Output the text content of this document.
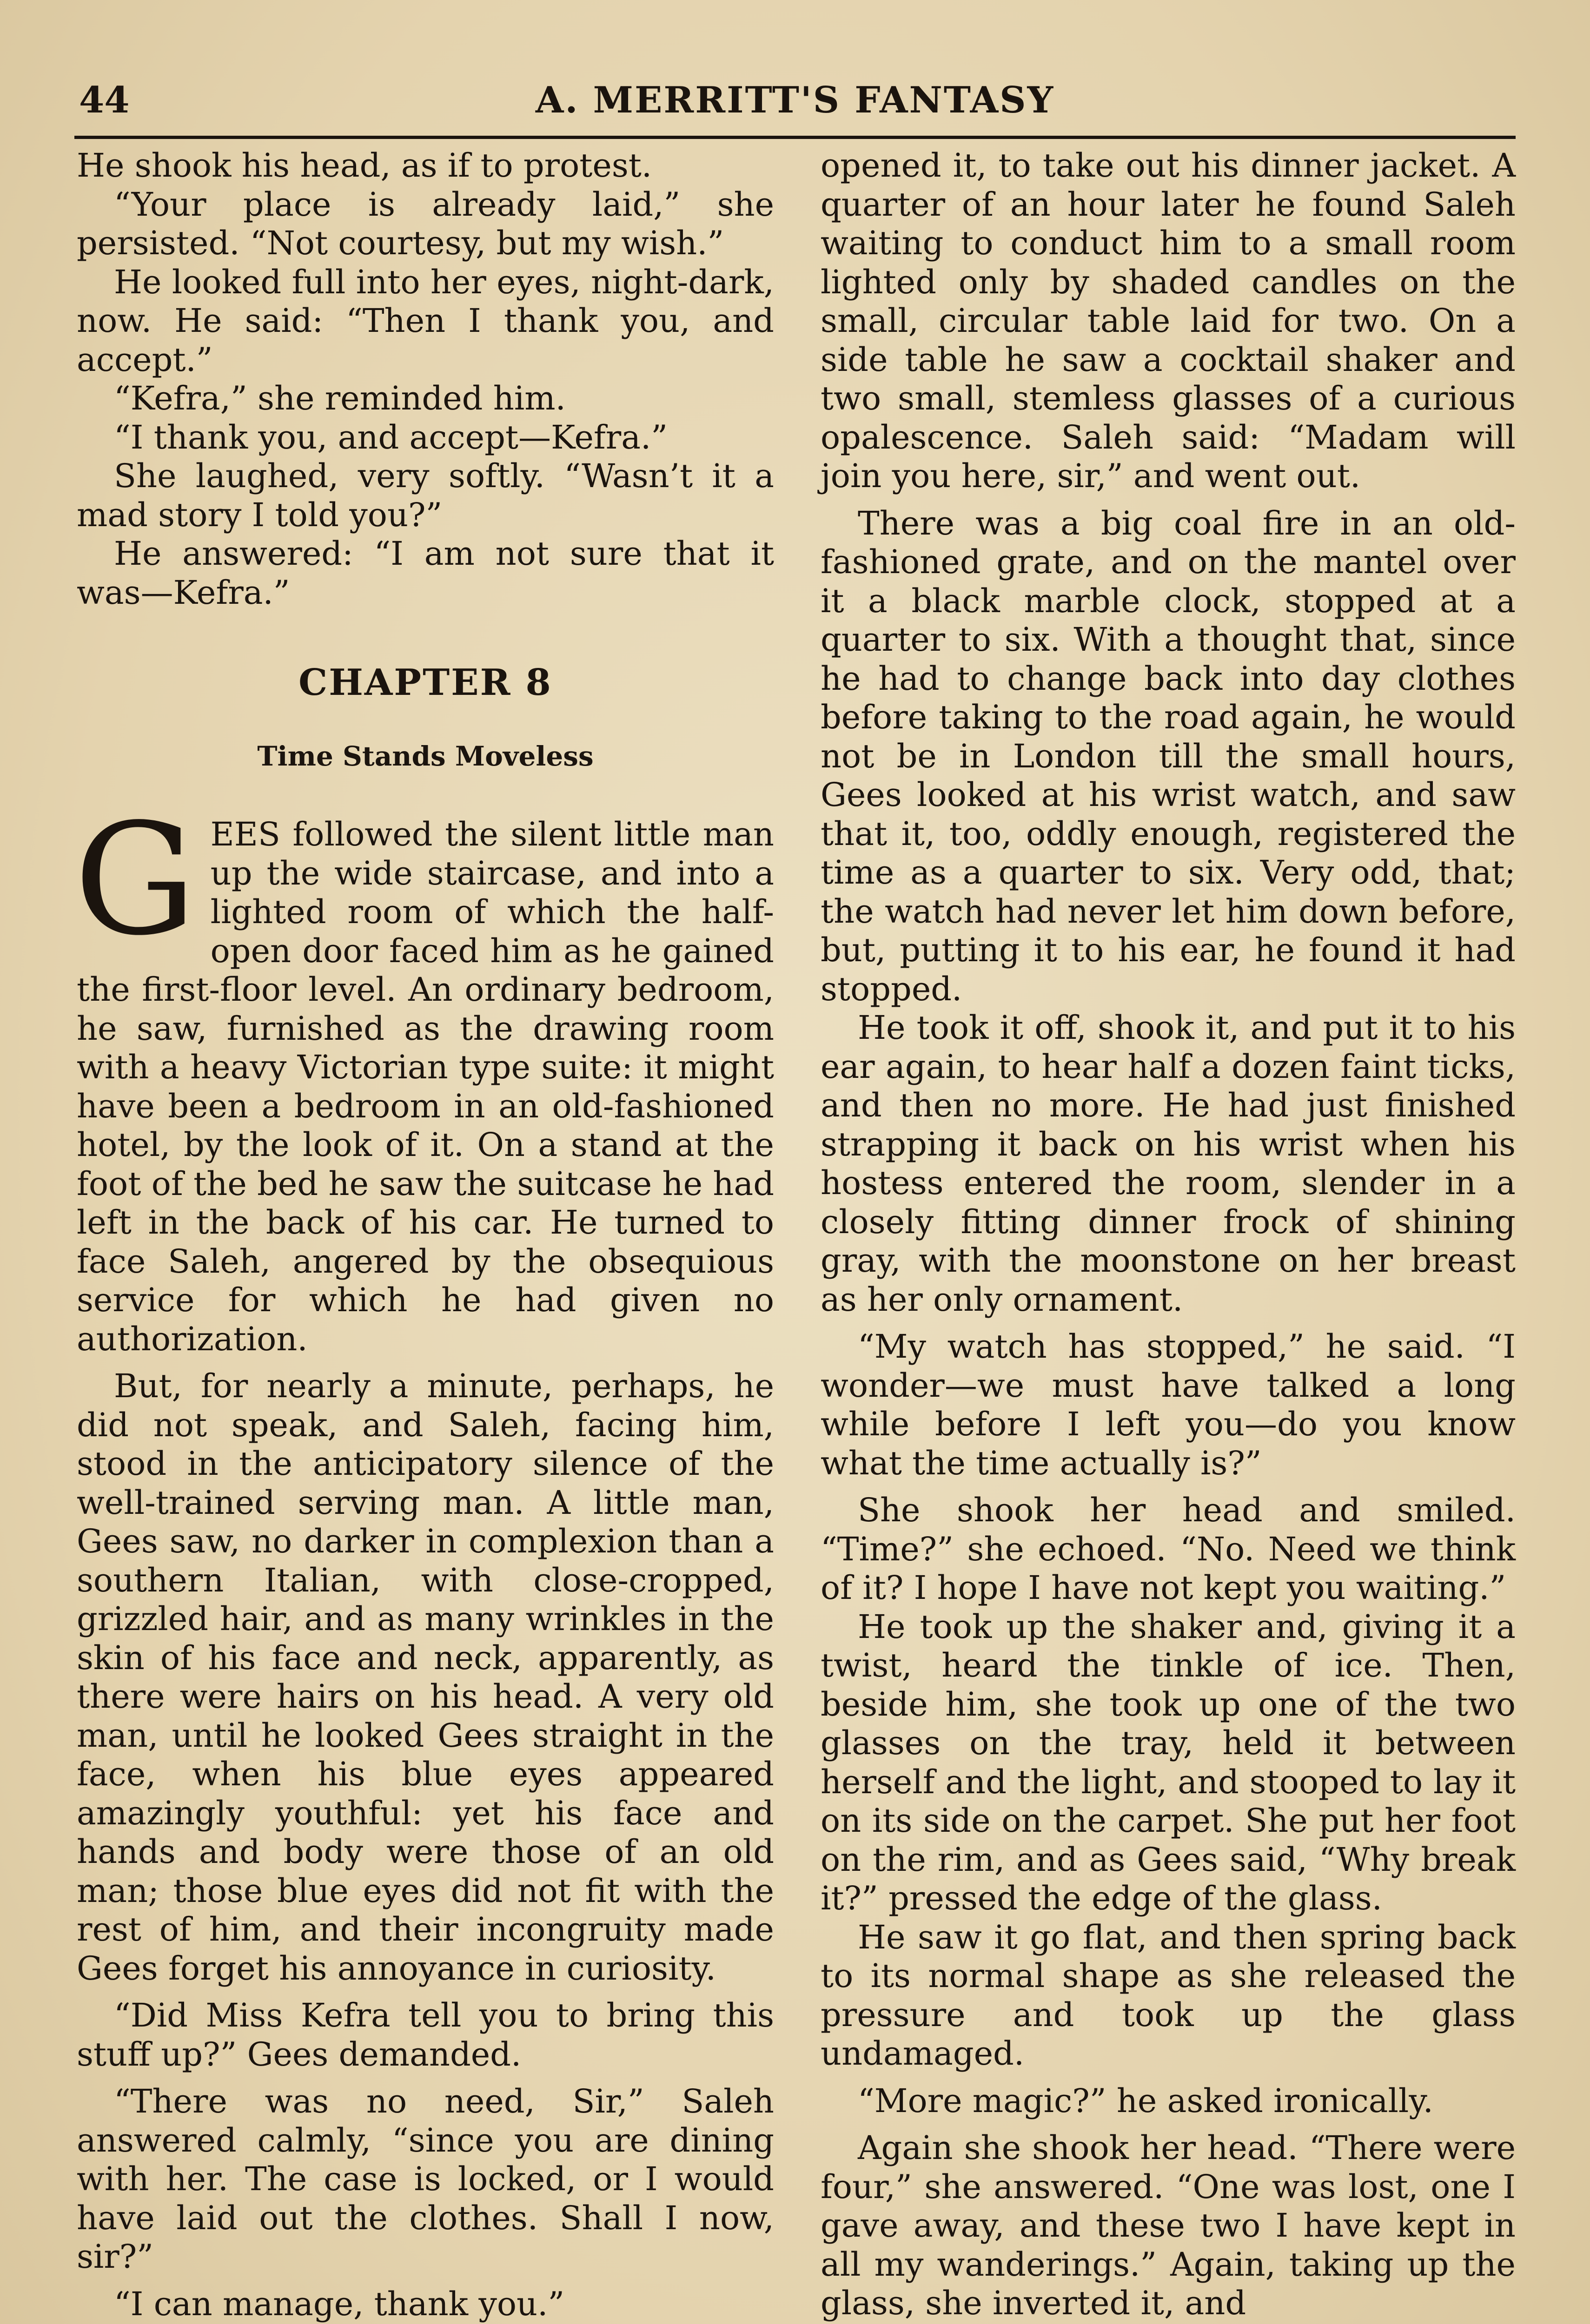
44	A. MERRITT'S FANTASY

He shook his head, as if to protest.

“Your place is already laid,” she persisted. “Not courtesy, but my wish.”

He looked full into her eyes, night-dark, now. He said: “Then I thank you, and accept.”

“Kefra,” she reminded him.

“I thank you, and accept—Kefra.”

She laughed, very softly. “Wasn’t it a mad story I told you?”

He answered: “I am not sure that it was—Kefra.”

CHAPTER 8
Time Stands Moveless

GEES followed the silent little man up the wide staircase, and into a lighted room of which the half-open door faced him as he gained the first-floor level. An ordinary bedroom, he saw, furnished as the drawing room with a heavy Victorian type suite: it might have been a bedroom in an old-fashioned hotel, by the look of it. On a stand at the foot of the bed he saw the suitcase he had left in the back of his car. He turned to face Saleh, angered by the obsequious service for which he had given no authorization.

But, for nearly a minute, perhaps, he did not speak, and Saleh, facing him, stood in the anticipatory silence of the well-trained serving man. A little man, Gees saw, no darker in complexion than a southern Italian, with close-cropped, grizzled hair, and as many wrinkles in the skin of his face and neck, apparently, as there were hairs on his head. A very old man, until he looked Gees straight in the face, when his blue eyes appeared amazingly youthful: yet his face and hands and body were those of an old man; those blue eyes did not fit with the rest of him, and their incongruity made Gees forget his annoyance in curiosity.

“Did Miss Kefra tell you to bring this stuff up?” Gees demanded.

“There was no need, Sir,” Saleh answered calmly, “since you are dining with her. The case is locked, or I would have laid out the clothes. Shall I now, sir?”

“I can manage, thank you.”

opened it, to take out his dinner jacket. A quarter of an hour later he found Saleh waiting to conduct him to a small room lighted only by shaded candles on the small, circular table laid for two. On a side table he saw a cocktail shaker and two small, stemless glasses of a curious opalescence. Saleh said: “Madam will join you here, sir,” and went out.

There was a big coal fire in an old-fashioned grate, and on the mantel over it a black marble clock, stopped at a quarter to six. With a thought that, since he had to change back into day clothes before taking to the road again, he would not be in London till the small hours, Gees looked at his wrist watch, and saw that it, too, oddly enough, registered the time as a quarter to six. Very odd, that; the watch had never let him down before, but, putting it to his ear, he found it had stopped.

He took it off, shook it, and put it to his ear again, to hear half a dozen faint ticks, and then no more. He had just finished strapping it back on his wrist when his hostess entered the room, slender in a closely fitting dinner frock of shining gray, with the moonstone on her breast as her only ornament.

“My watch has stopped,” he said. “I wonder—we must have talked a long while before I left you—do you know what the time actually is?”

She shook her head and smiled. “Time?” she echoed. “No. Need we think of it? I hope I have not kept you waiting.”

He took up the shaker and, giving it a twist, heard the tinkle of ice. Then, beside him, she took up one of the two glasses on the tray, held it between herself and the light, and stooped to lay it on its side on the carpet. She put her foot on the rim, and as Gees said, “Why break it?” pressed the edge of the glass.

He saw it go flat, and then spring back to its normal shape as she released the pressure and took up the glass undamaged.

“More magic?” he asked ironically.

Again she shook her head. “There were four,” she answered. “One was lost, one I gave away, and these two I have kept in all my wanderings.” Again, taking up the glass, she inverted it, and
